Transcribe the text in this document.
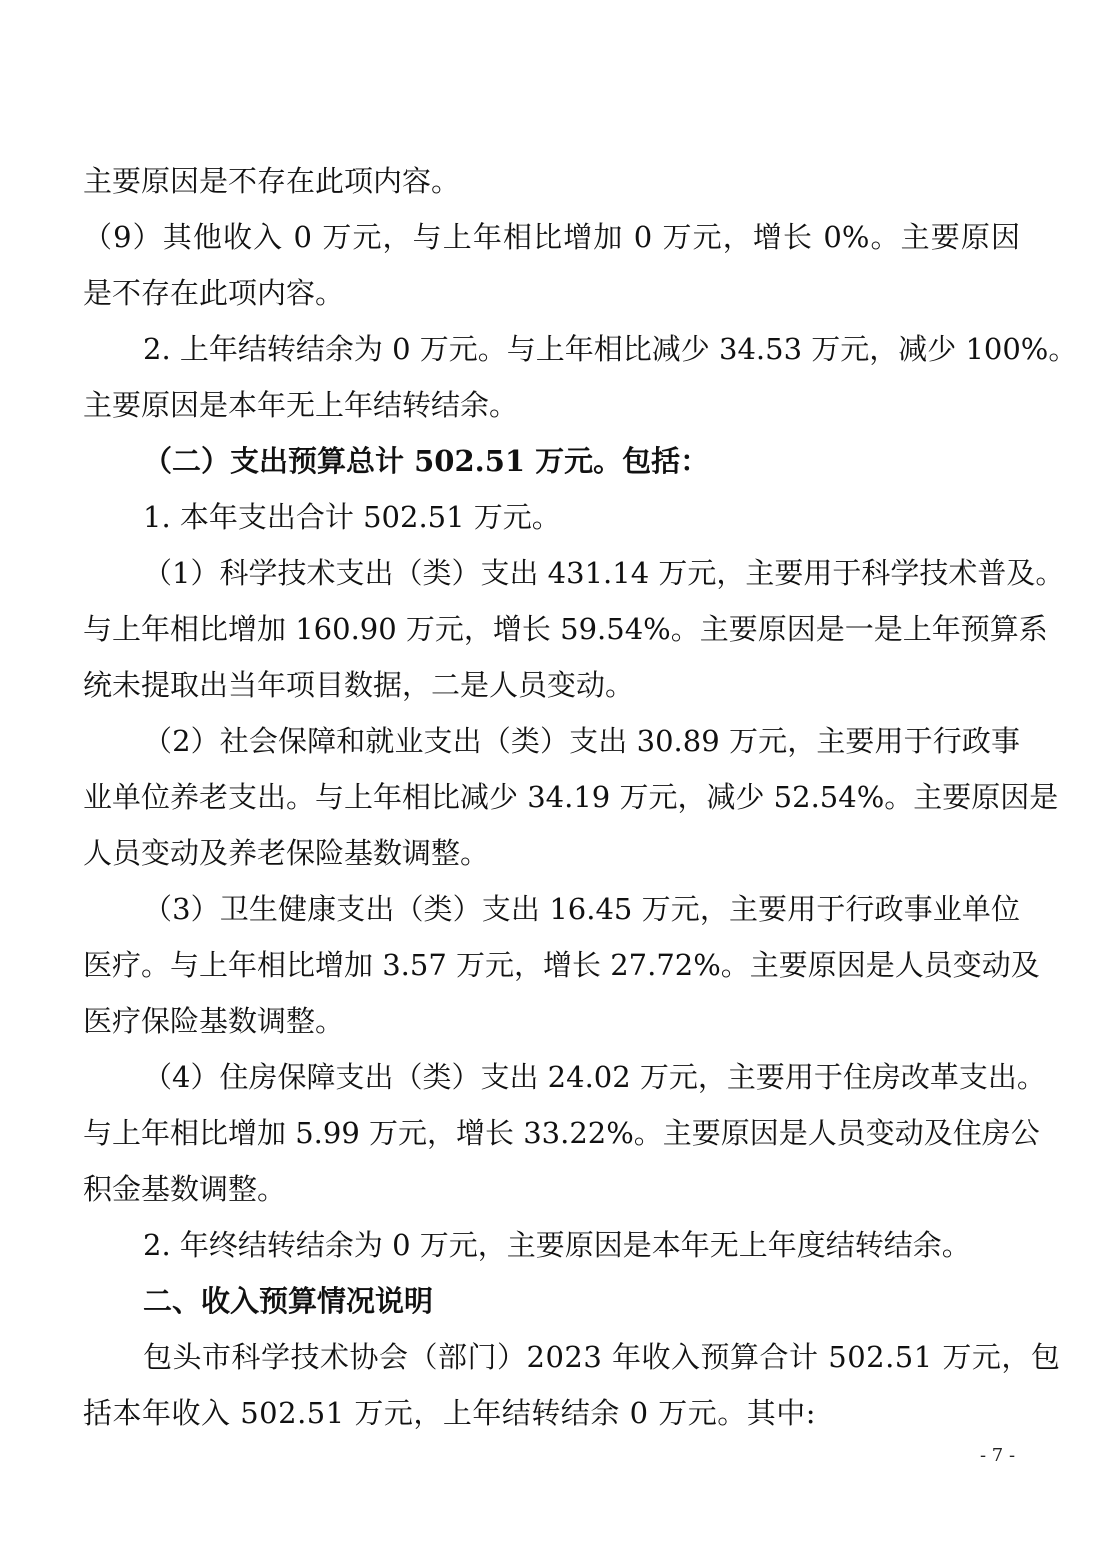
主要原因是不存在此项内容。
（9）其他收入 0 万元，与上年相比增加 0 万元，增长 0%。主要原因
是不存在此项内容。
2. 上年结转结余为 0 万元。与上年相比减少 34.53 万元，减少 100%。
主要原因是本年无上年结转结余。
（二）支出预算总计 502.51 万元。包括：
1. 本年支出合计 502.51 万元。
（1）科学技术支出（类）支出 431.14 万元，主要用于科学技术普及。
与上年相比增加 160.90 万元，增长 59.54%。主要原因是一是上年预算系
统未提取出当年项目数据，二是人员变动。
（2）社会保障和就业支出（类）支出 30.89 万元，主要用于行政事
业单位养老支出。与上年相比减少 34.19 万元，减少 52.54%。主要原因是
人员变动及养老保险基数调整。
（3）卫生健康支出（类）支出 16.45 万元，主要用于行政事业单位
医疗。与上年相比增加 3.57 万元，增长 27.72%。主要原因是人员变动及
医疗保险基数调整。
（4）住房保障支出（类）支出 24.02 万元，主要用于住房改革支出。
与上年相比增加 5.99 万元，增长 33.22%。主要原因是人员变动及住房公
积金基数调整。
2. 年终结转结余为 0 万元，主要原因是本年无上年度结转结余。
二、收入预算情况说明
包头市科学技术协会（部门）2023 年收入预算合计 502.51 万元，包
括本年收入 502.51 万元，上年结转结余 0 万元。其中:
- 7 -
